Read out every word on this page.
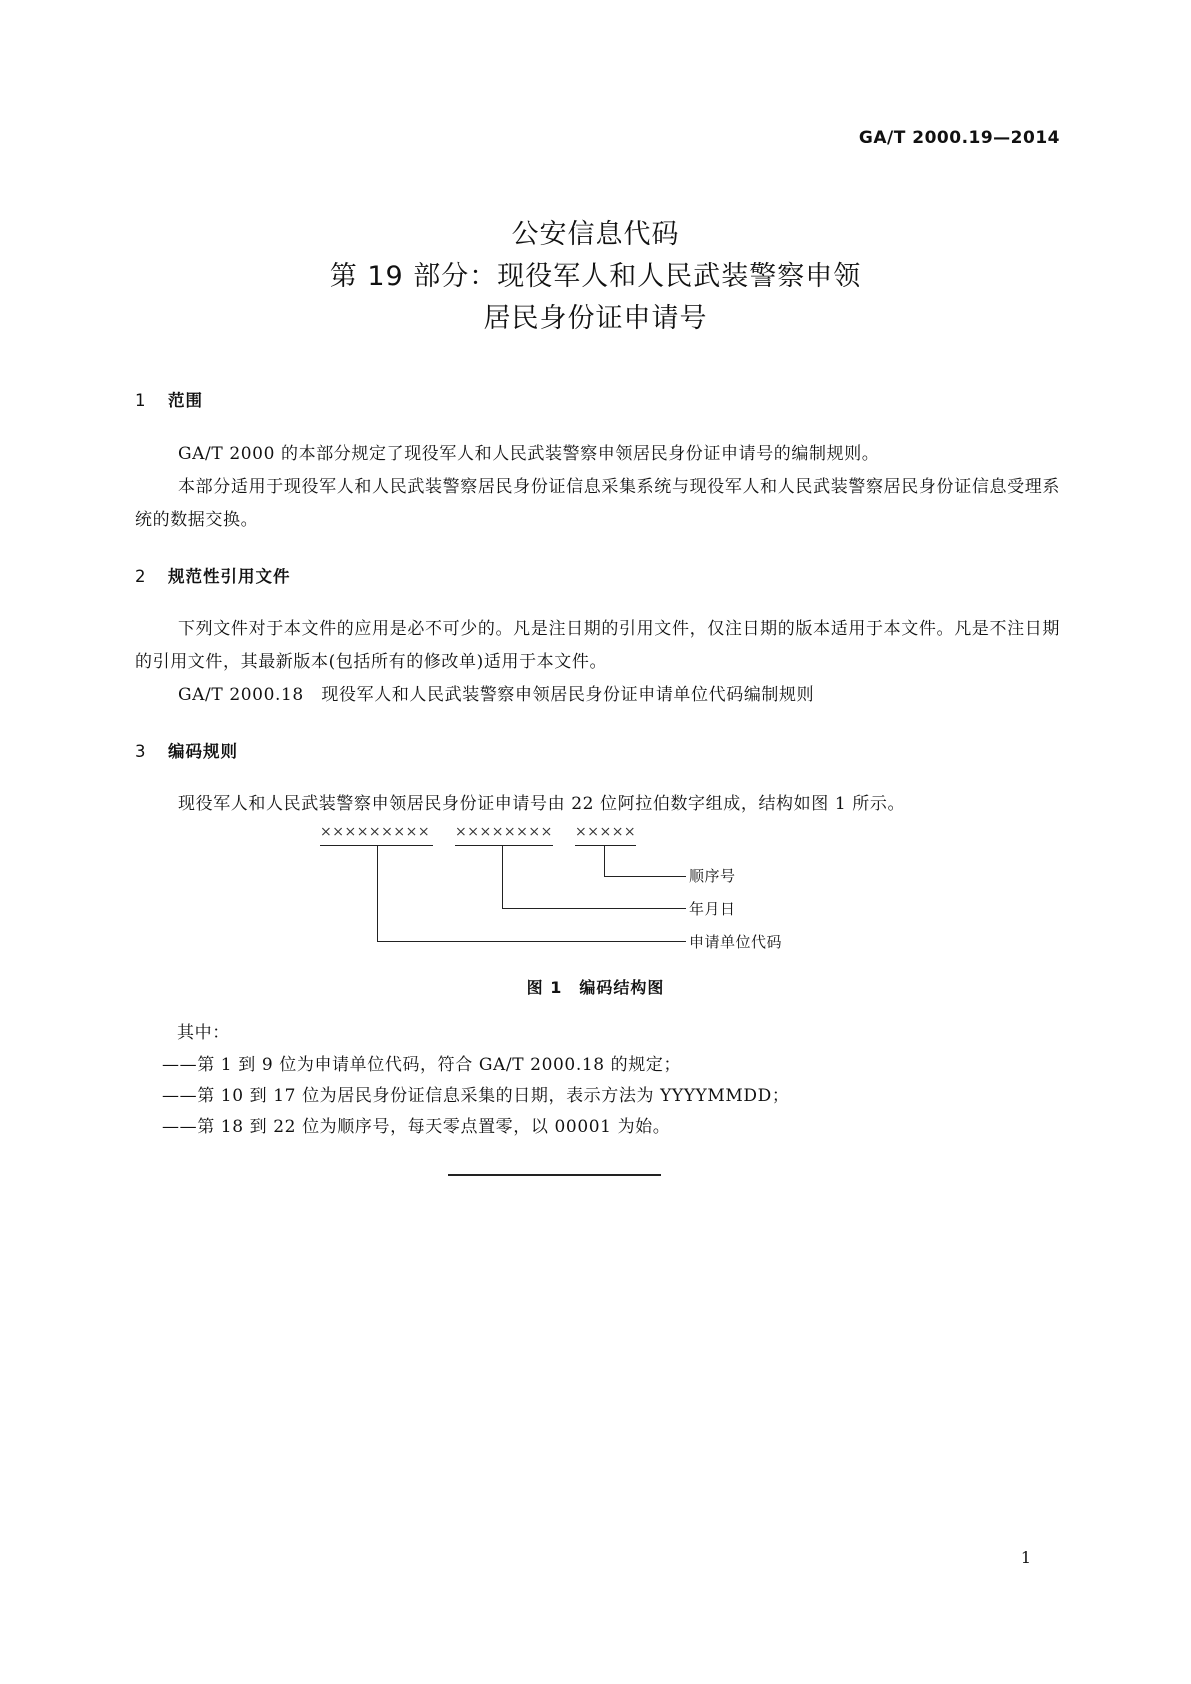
GA/T 2000.19—2014
公安信息代码
第 19 部分：现役军人和人民武装警察申领
居民身份证申请号
1 范围

GA/T 2000 的本部分规定了现役军人和人民武装警察申领居民身份证申请号的编制规则。

本部分适用于现役军人和人民武装警察居民身份证信息采集系统与现役军人和人民武装警察居民身份证信息受理系统的数据交换。

2 规范性引用文件

下列文件对于本文件的应用是必不可少的。凡是注日期的引用文件，仅注日期的版本适用于本文件。凡是不注日期的引用文件，其最新版本(包括所有的修改单)适用于本文件。

GA/T 2000.18　现役军人和人民武装警察申领居民身份证申请单位代码编制规则

3 编码规则

现役军人和人民武装警察申领居民身份证申请号由 22 位阿拉伯数字组成，结构如图 1 所示。

××××××××× ×××××××× ×××××
顺序号
年月日
申请单位代码
图 1　编码结构图
其中：
——第 1 到 9 位为申请单位代码，符合 GA/T 2000.18 的规定；
——第 10 到 17 位为居民身份证信息采集的日期，表示方法为 YYYYMMDD；
——第 18 到 22 位为顺序号，每天零点置零，以 00001 为始。
1
